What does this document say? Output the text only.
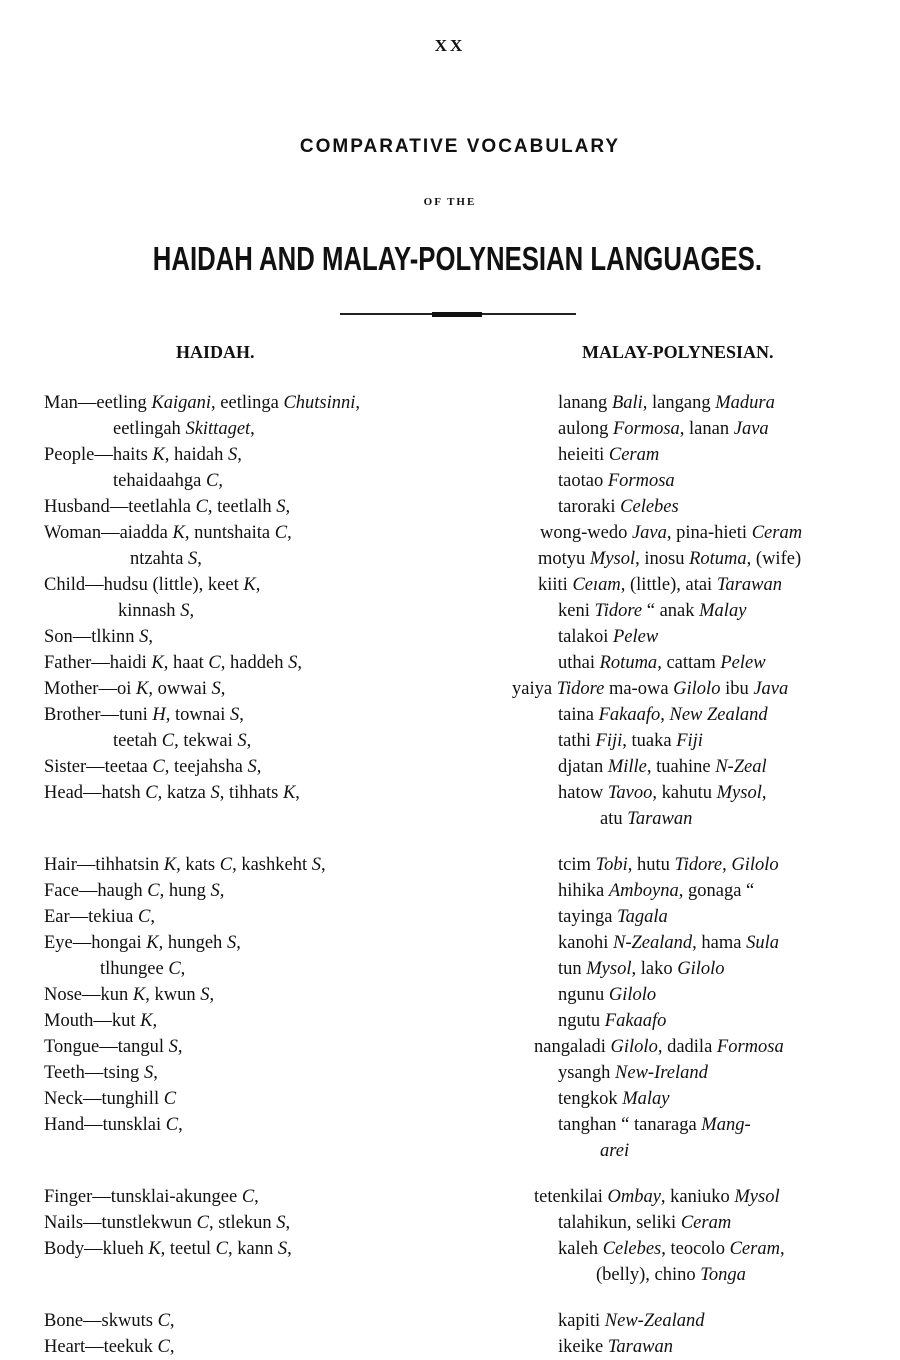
XX
COMPARATIVE VOCABULARY
OF THE
HAIDAH AND MALAY-POLYNESIAN LANGUAGES.
HAIDAH.	MALAY-POLYNESIAN.
Man—eetling Kaigani, eetlinga Chutsinni,	lanang Bali, langang Madura
eetlingah Skittaget,	aulong Formosa, lanan Java
People—haits K, haidah S,	heieiti Ceram
tehaidaahga C,	taotao Formosa
Husband—teetlahla C, teetlalh S,	taroraki Celebes
Woman—aiadda K, nuntshaita C,	wong-wedo Java, pina-hieti Ceram
ntzahta S,	motyu Mysol, inosu Rotuma, (wife)
Child—hudsu (little), keet K,	kiiti Ceıam, (little), atai Tarawan
kinnash S,	keni Tidore “ anak Malay
Son—tlkinn S,	talakoi Pelew
Father—haidi K, haat C, haddeh S,	uthai Rotuma, cattam Pelew
Mother—oi K, owwai S,	yaiya Tidore ma-owa Gilolo ibu Java
Brother—tuni H, townai S,	taina Fakaafo, New Zealand
teetah C, tekwai S,	tathi Fiji, tuaka Fiji
Sister—teetaa C, teejahsha S,	djatan Mille, tuahine N-Zeal
Head—hatsh C, katza S, tihhats K,	hatow Tavoo, kahutu Mysol,
atu Tarawan
Hair—tihhatsin K, kats C, kashkeht S,	tcim Tobi, hutu Tidore, Gilolo
Face—haugh C, hung S,	hihika Amboyna, gonaga “
Ear—tekiua C,	tayinga Tagala
Eye—hongai K, hungeh S,	kanohi N-Zealand, hama Sula
tlhungee C,	tun Mysol, lako Gilolo
Nose—kun K, kwun S,	ngunu Gilolo
Mouth—kut K,	ngutu Fakaafo
Tongue—tangul S,	nangaladi Gilolo, dadila Formosa
Teeth—tsing S,	ysangh New-Ireland
Neck—tunghill C	tengkok Malay
Hand—tunsklai C,	tanghan “ tanaraga Mang-
arei
Finger—tunsklai-akungee C,	tetenkilai Ombay, kaniuko Mysol
Nails—tunstlekwun C, stlekun S,	talahikun, seliki Ceram
Body—klueh K, teetul C, kann S,	kaleh Celebes, teocolo Ceram,
(belly), chino Tonga
Bone—skwuts C,	kapiti New-Zealand
Heart—teekuk C,	ikeike Tarawan
